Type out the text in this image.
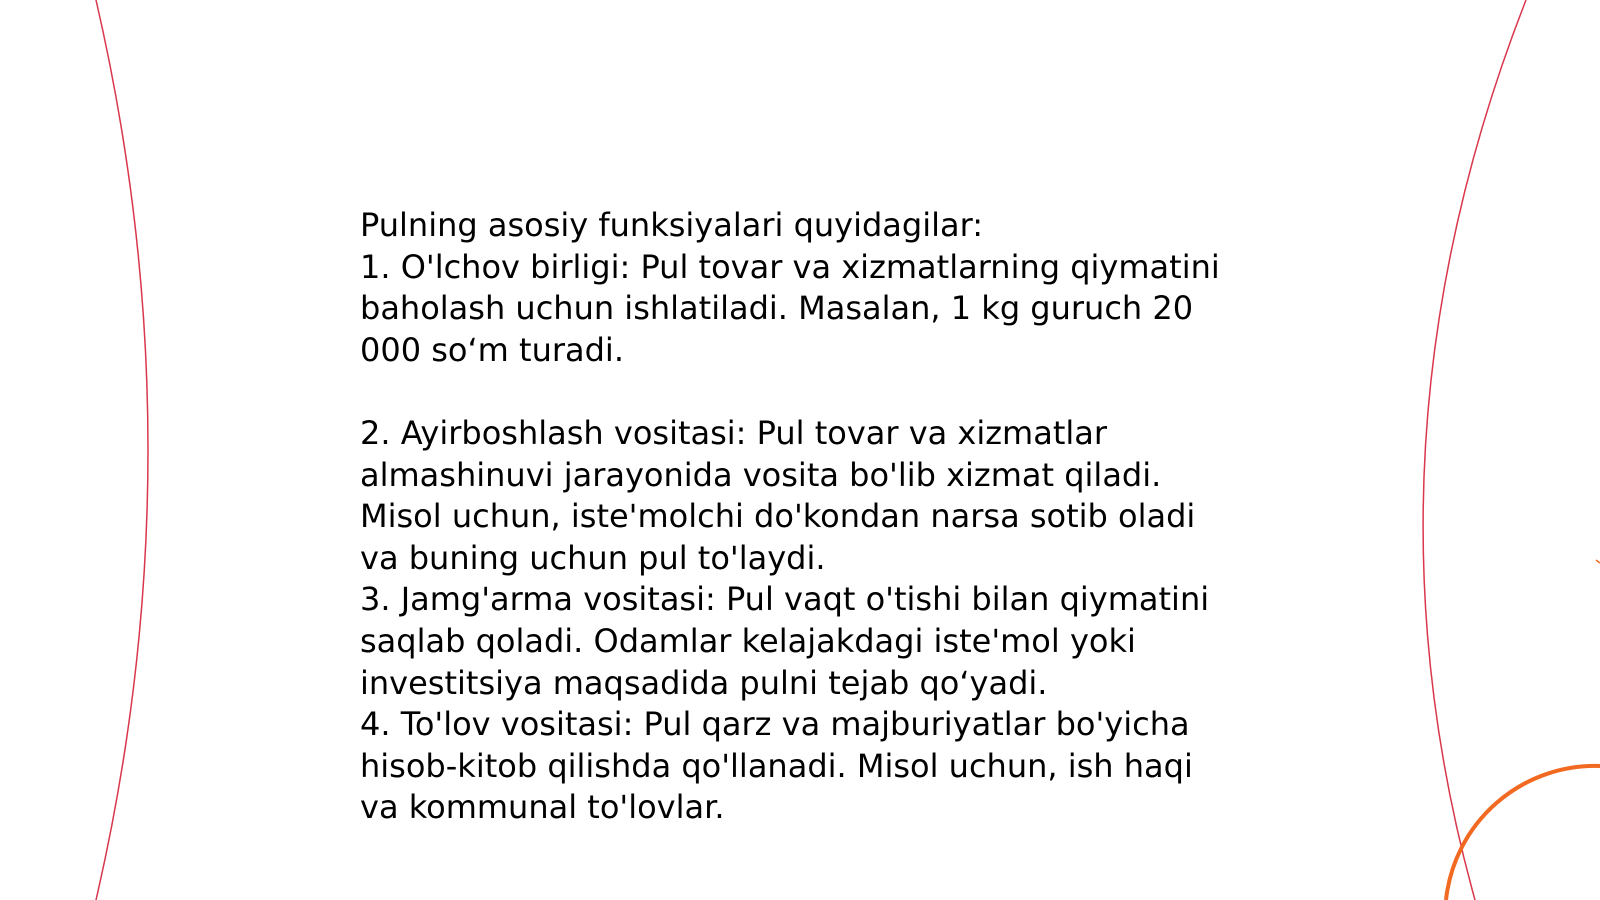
Pulning asosiy funksiyalari quyidagilar:

1. O'lchov birligi: Pul tovar va xizmatlarning qiymatini baholash uchun ishlatiladi. Masalan, 1 kg guruch 20 000 so‘m turadi.

2. Ayirboshlash vositasi: Pul tovar va xizmatlar almashinuvi jarayonida vosita bo'lib xizmat qiladi. Misol uchun, iste'molchi do'kondan narsa sotib oladi va buning uchun pul to'laydi.

3. Jamg'arma vositasi: Pul vaqt o'tishi bilan qiymatini saqlab qoladi. Odamlar kelajakdagi iste'mol yoki investitsiya maqsadida pulni tejab qo‘yadi.

4. To'lov vositasi: Pul qarz va majburiyatlar bo'yicha hisob-kitob qilishda qo'llanadi. Misol uchun, ish haqi va kommunal to'lovlar.
